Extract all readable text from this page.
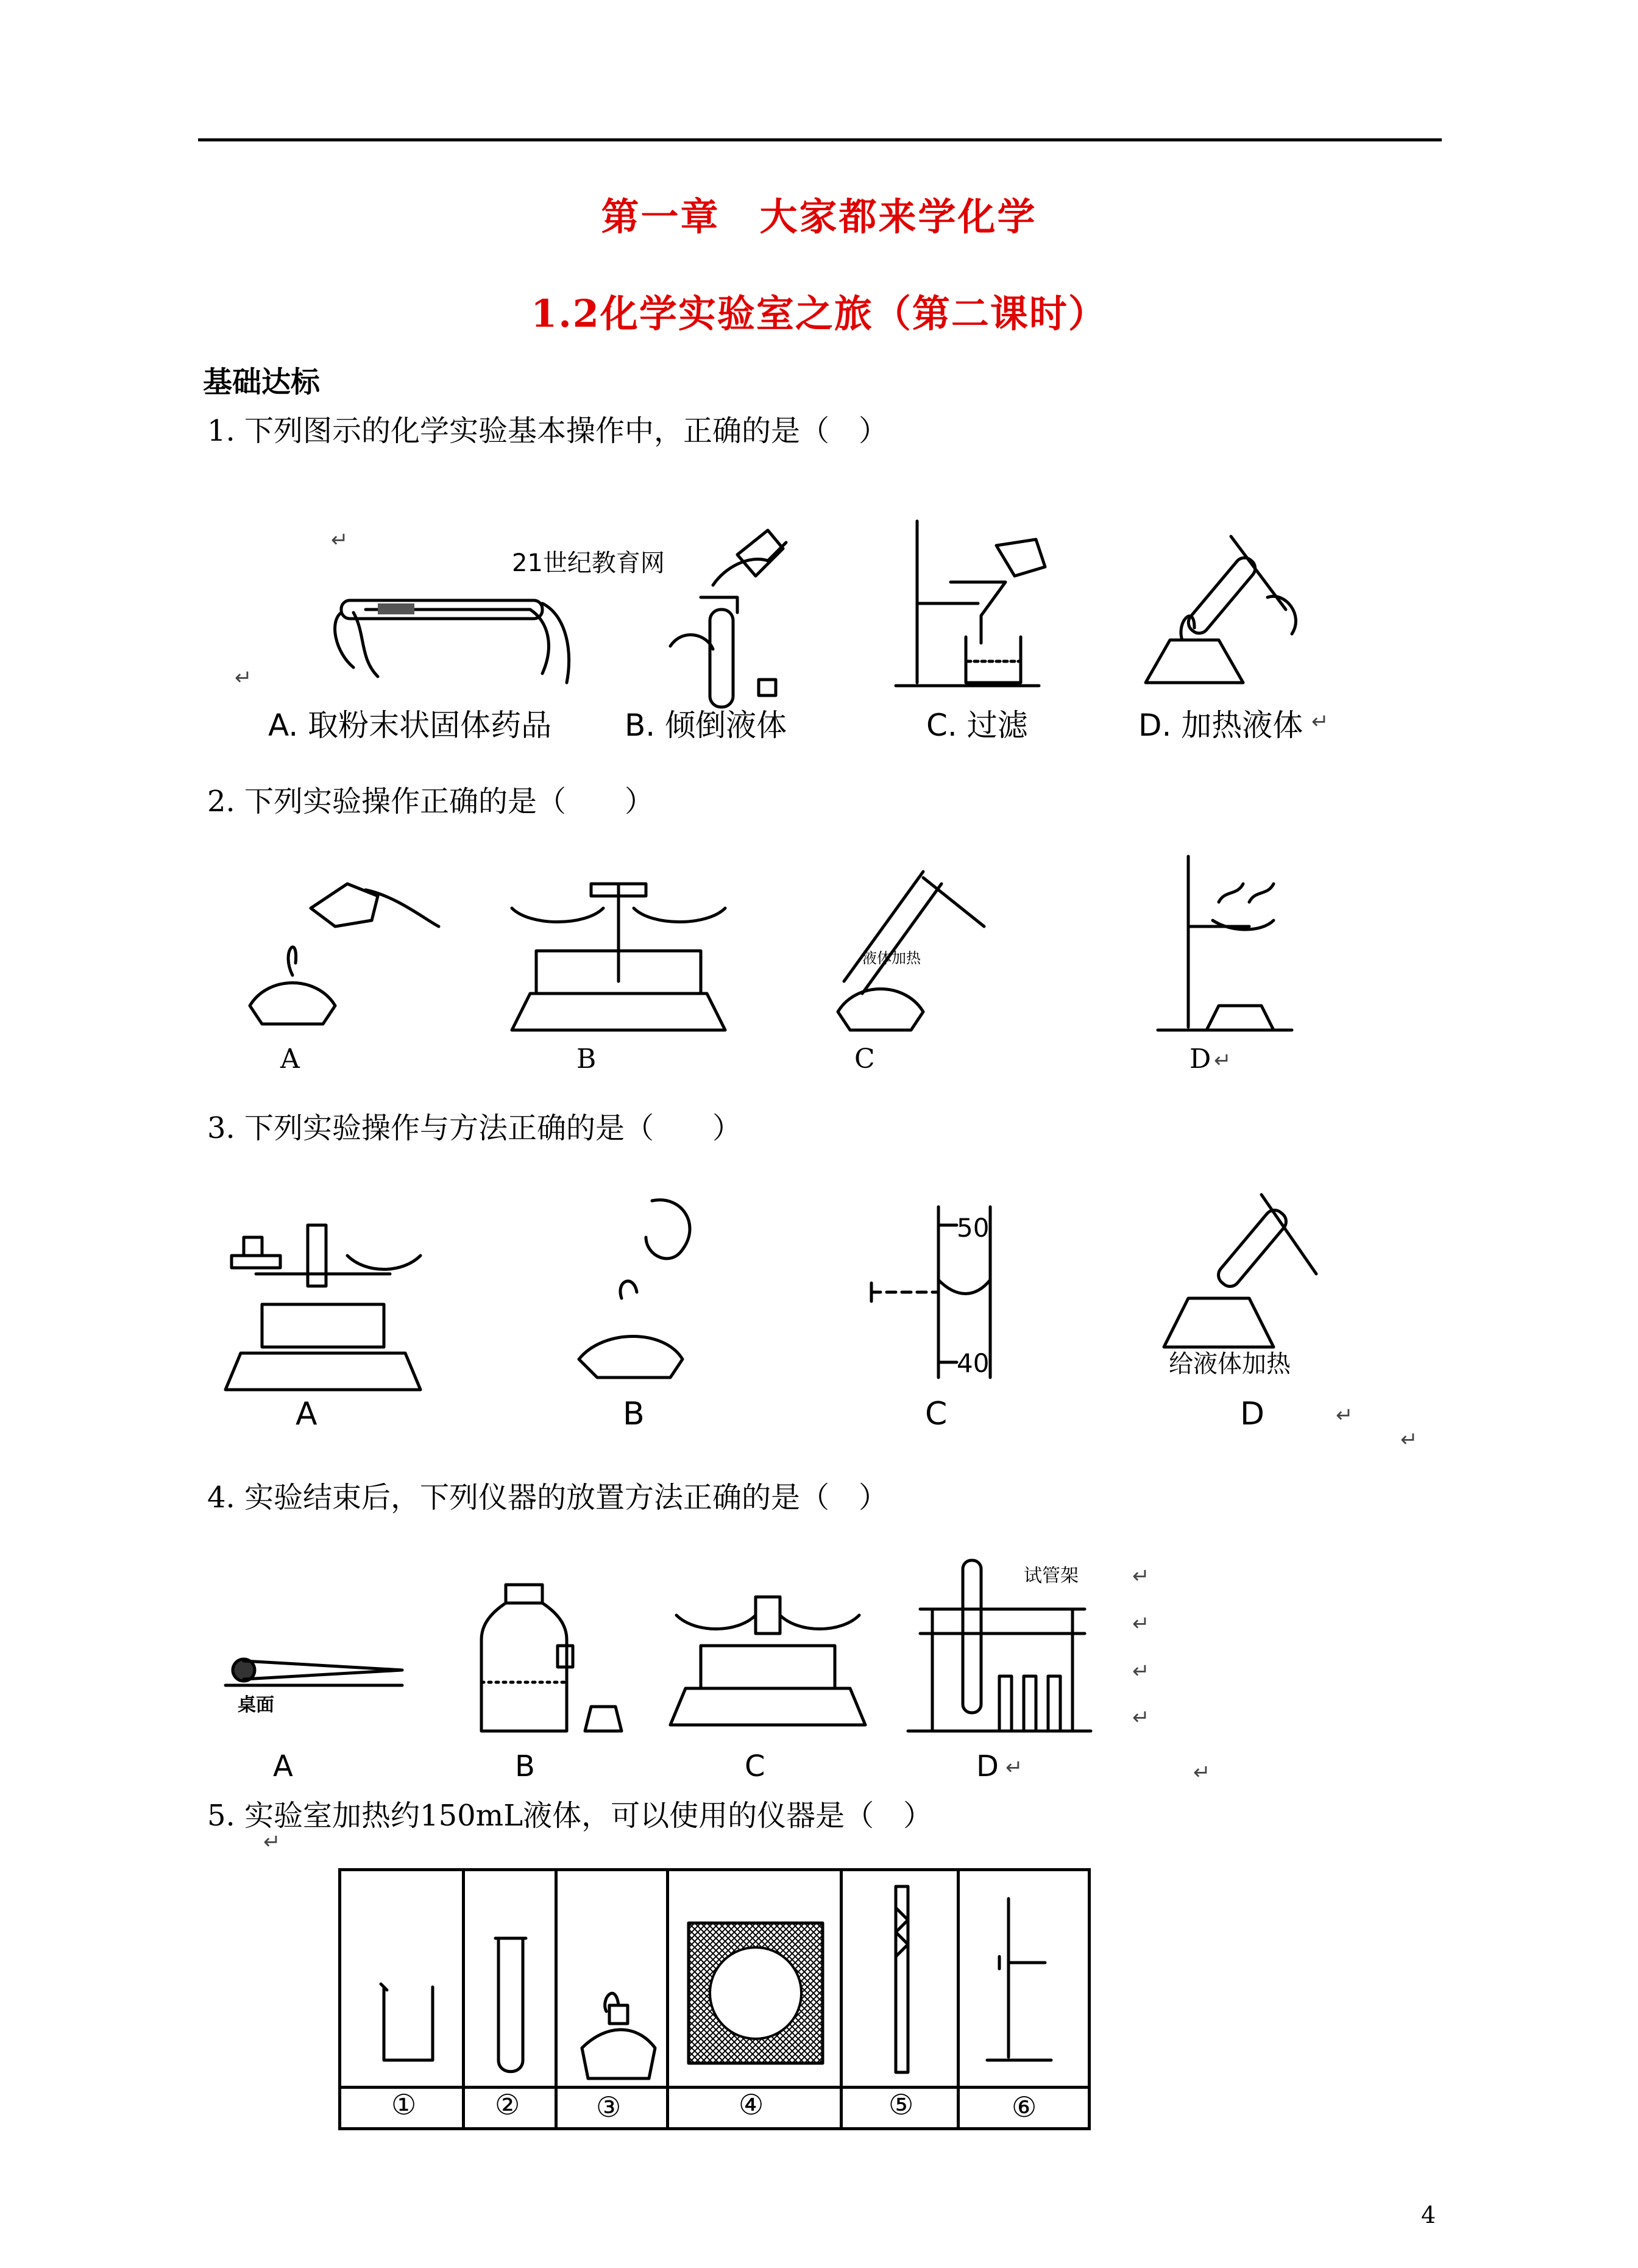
第一章　大家都来学化学
1.2化学实验室之旅（第二课时）
基础达标
1. 下列图示的化学实验基本操作中，正确的是（　）
↵
↵
21世纪教育网
A. 取粉末状固体药品 B. 倾倒液体	C. 过滤	D. 加热液体 ↵
2. 下列实验操作正确的是（　　）
液体加热
A	B	C	D ↵
3. 下列实验操作与方法正确的是（　　）
50
40	给液体加热
A	B	C	D	↵
↵
4. 实验结束后，下列仪器的放置方法正确的是（　）
桌面
试管架	↵
↵
↵
↵
A	B	C	D ↵	↵
5. 实验室加热约150mL液体，可以使用的仪器是（　）
↵
①	②	③	④	⑤	⑥
4
